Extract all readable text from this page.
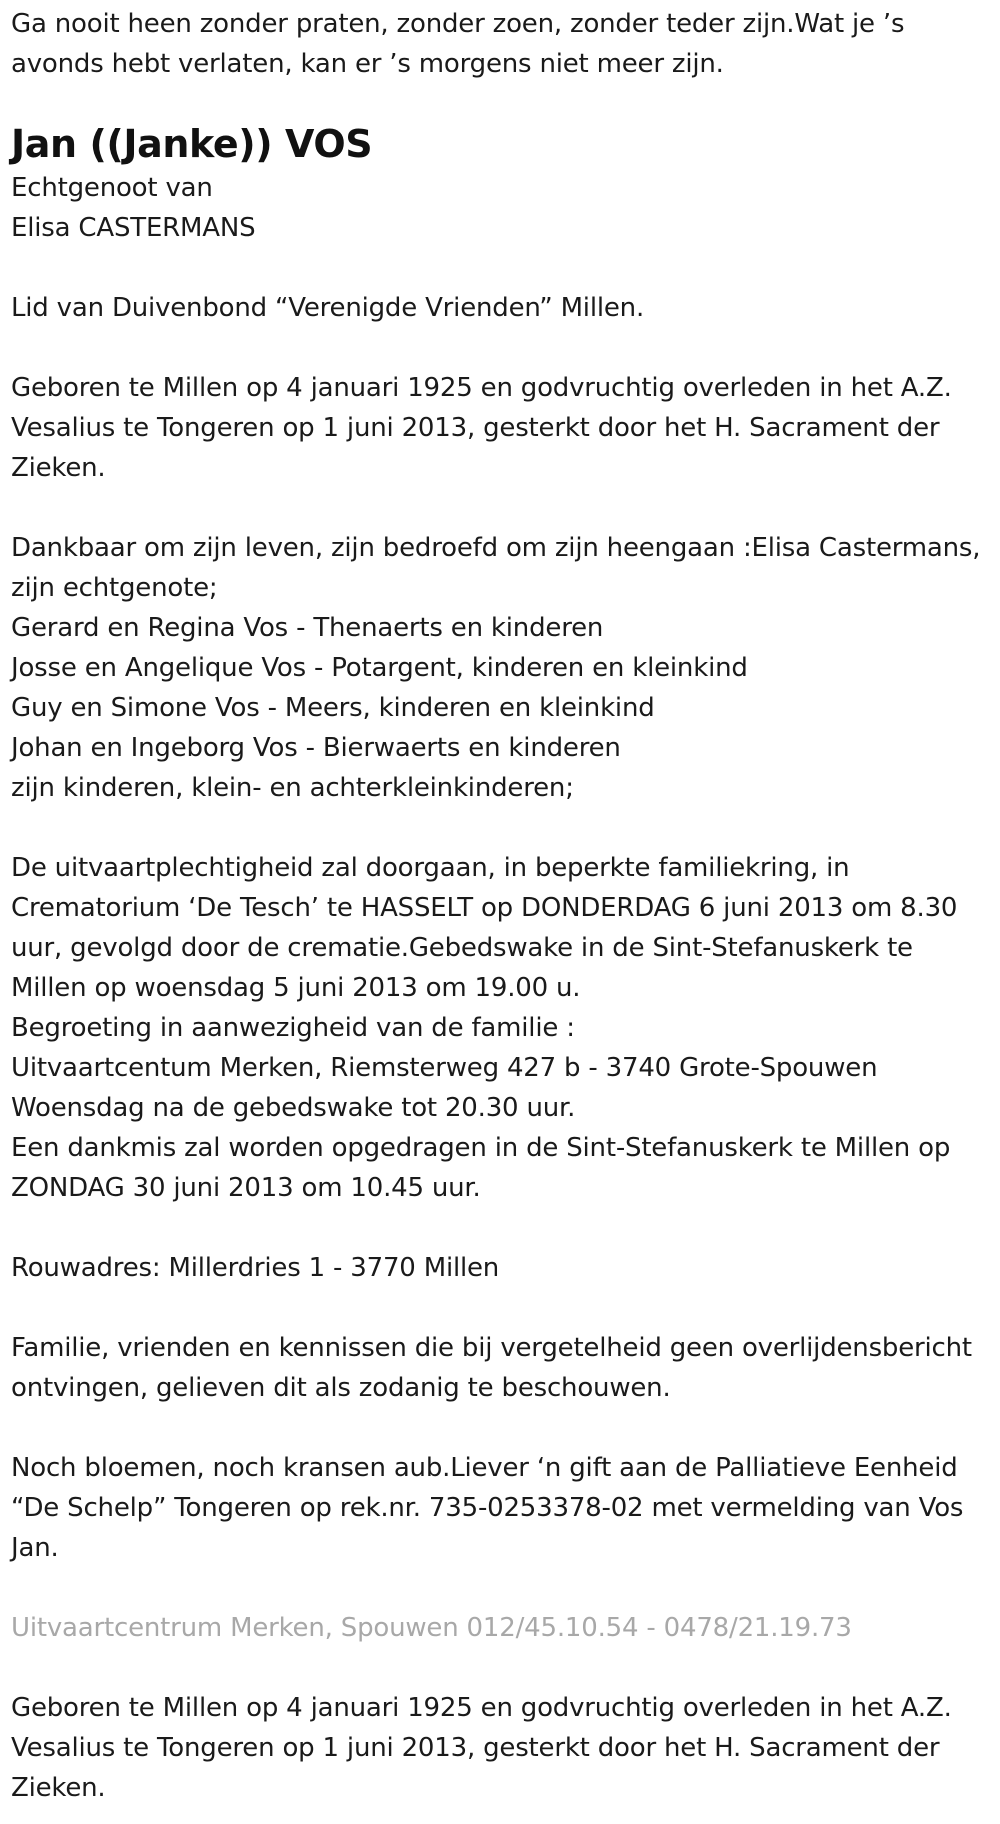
Ga nooit heen zonder praten, zonder zoen, zonder teder zijn.Wat je ’s avonds hebt verlaten, kan er ’s morgens niet meer zijn.

Jan ((Janke)) VOS

Echtgenoot van

Elisa CASTERMANS

Lid van Duivenbond “Verenigde Vrienden” Millen.

Geboren te Millen op 4 januari 1925 en godvruchtig overleden in het A.Z. Vesalius te Tongeren op 1 juni 2013, gesterkt door het H. Sacrament der Zieken.

Dankbaar om zijn leven, zijn bedroefd om zijn heengaan :Elisa Castermans, zijn echtgenote;

Gerard en Regina Vos - Thenaerts en kinderen

Josse en Angelique Vos - Potargent, kinderen en kleinkind

Guy en Simone Vos - Meers, kinderen en kleinkind

Johan en Ingeborg Vos - Bierwaerts en kinderen

zijn kinderen, klein- en achterkleinkinderen;

De uitvaartplechtigheid zal doorgaan, in beperkte familiekring, in Crematorium ‘De Tesch’ te HASSELT op DONDERDAG 6 juni 2013 om 8.30 uur, gevolgd door de crematie.Gebedswake in de Sint-Stefanuskerk te Millen op woensdag 5 juni 2013 om 19.00 u.

Begroeting in aanwezigheid van de familie :

Uitvaartcentum Merken, Riemsterweg 427 b - 3740 Grote-Spouwen

Woensdag na de gebedswake tot 20.30 uur.

Een dankmis zal worden opgedragen in de Sint-Stefanuskerk te Millen op ZONDAG 30 juni 2013 om 10.45 uur.

Rouwadres: Millerdries 1 - 3770 Millen

Familie, vrienden en kennissen die bij vergetelheid geen overlijdensbericht ontvingen, gelieven dit als zodanig te beschouwen.

Noch bloemen, noch kransen aub.Liever ‘n gift aan de Palliatieve Eenheid “De Schelp” Tongeren op rek.nr. 735-0253378-02 met vermelding van Vos Jan.

Uitvaartcentrum Merken, Spouwen 012/45.10.54 - 0478/21.19.73

Geboren te Millen op 4 januari 1925 en godvruchtig overleden in het A.Z. Vesalius te Tongeren op 1 juni 2013, gesterkt door het H. Sacrament der Zieken.
